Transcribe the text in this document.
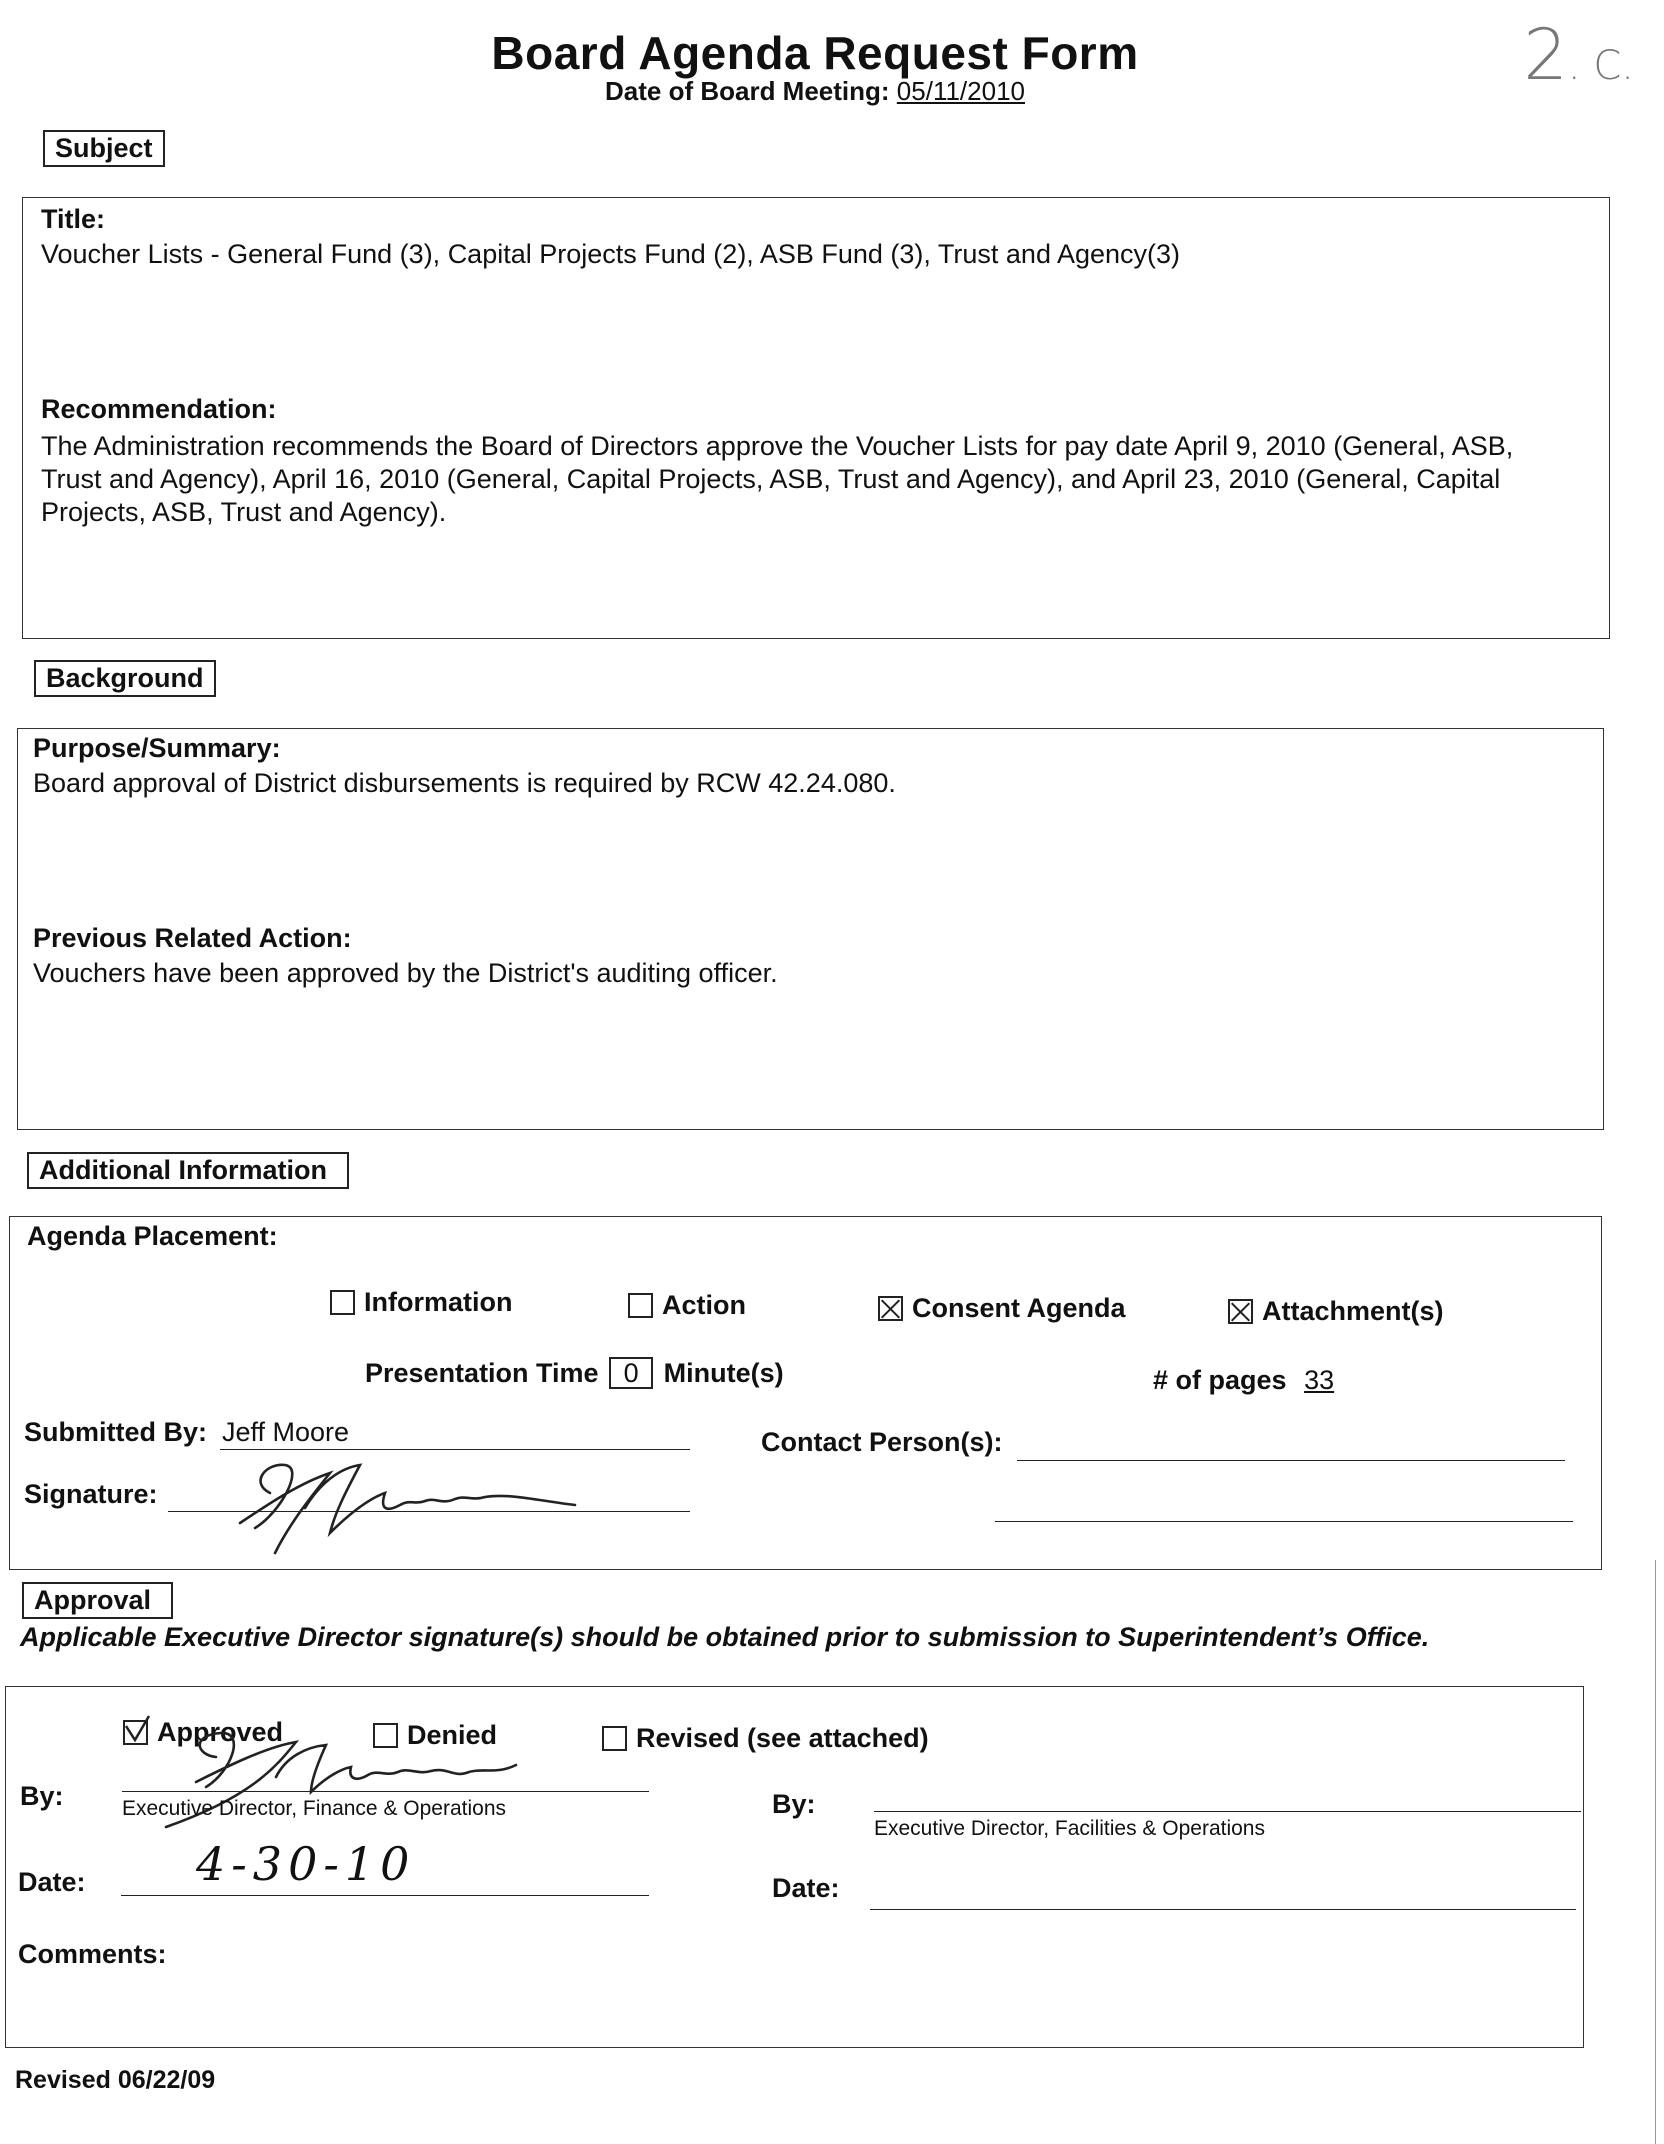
Board Agenda Request Form
Date of Board Meeting: 05/11/2010	2. C.
Subject
Title:
Voucher Lists - General Fund (3), Capital Projects Fund (2), ASB Fund (3), Trust and Agency(3)
Recommendation:
The Administration recommends the Board of Directors approve the Voucher Lists for pay date April 9, 2010 (General, ASB,
Trust and Agency), April 16, 2010 (General, Capital Projects, ASB, Trust and Agency), and April 23, 2010 (General, Capital
Projects, ASB, Trust and Agency).
Background
Purpose/Summary:
Board approval of District disbursements is required by RCW 42.24.080.
Previous Related Action:
Vouchers have been approved by the District's auditing officer.
Additional Information
Agenda Placement:
Information	Action	Consent Agenda	Attachment(s)
Presentation Time 0 Minute(s)	# of pages 33
Submitted By: Jeff Moore	Contact Person(s):
Signature:
Approval
Applicable Executive Director signature(s) should be obtained prior to submission to Superintendent’s Office.
Approved	Denied	Revised (see attached)
By:	Executive Director, Finance & Operations
Date: 4-30-10
By:
Executive Director, Facilities & Operations
Date:
Comments:
Revised 06/22/09
